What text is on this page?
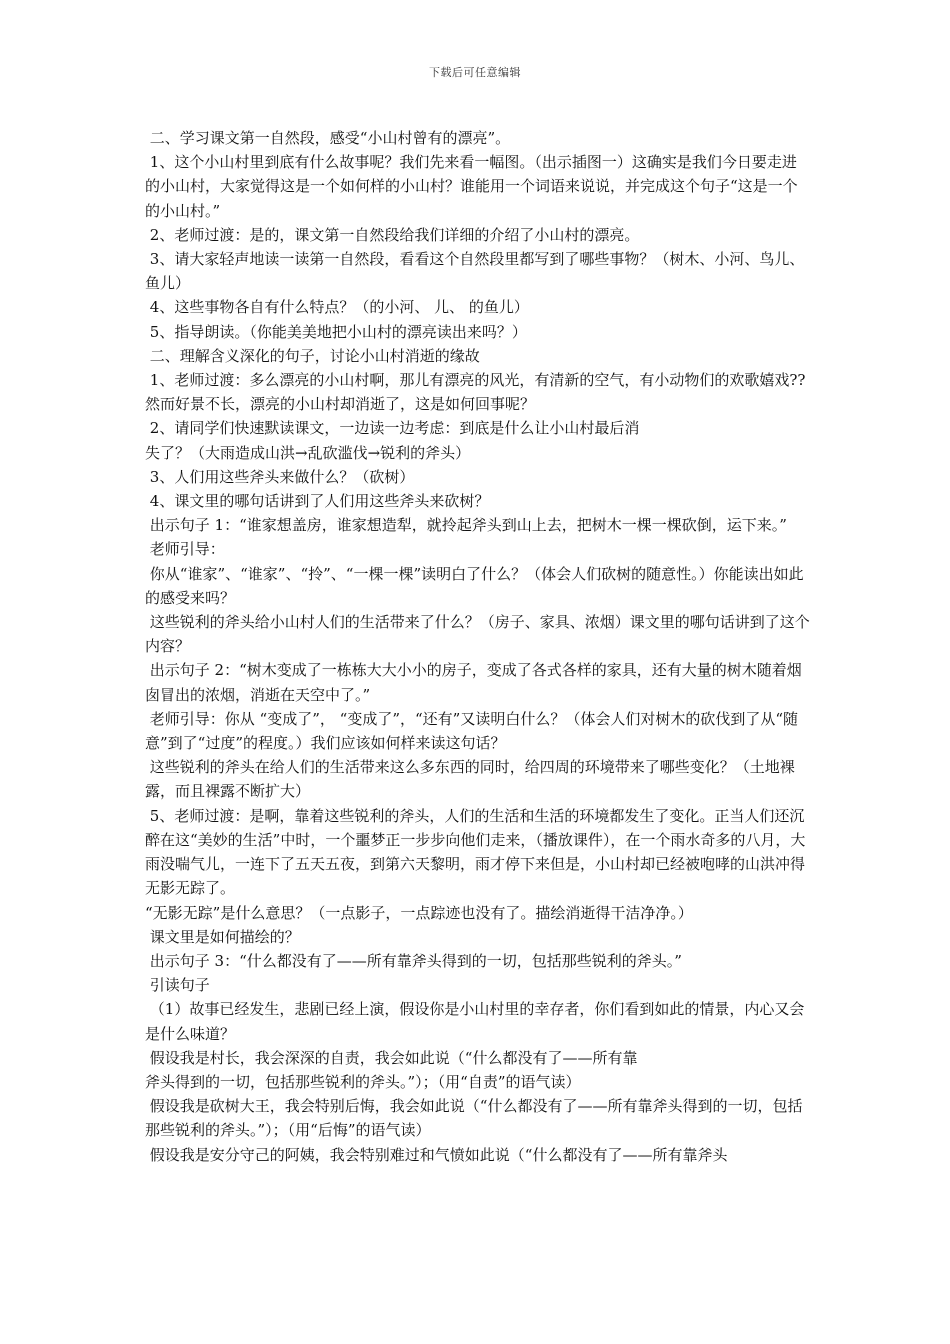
下载后可任意编辑

二、学习课文第一自然段，感受“小山村曾有的漂亮”。

1、这个小山村里到底有什么故事呢？我们先来看一幅图。（出示插图一）这确实是我们今日要走进的小山村，大家觉得这是一个如何样的小山村？谁能用一个词语来说说，并完成这个句子“这是一个 的小山村。”

2、老师过渡：是的，课文第一自然段给我们详细的介绍了小山村的漂亮。

3、请大家轻声地读一读第一自然段，看看这个自然段里都写到了哪些事物？（树木、小河、鸟儿、鱼儿）

4、这些事物各自有什么特点？（的小河、 儿、 的鱼儿）

5、指导朗读。（你能美美地把小山村的漂亮读出来吗？）

二、理解含义深化的句子，讨论小山村消逝的缘故

1、老师过渡：多么漂亮的小山村啊，那儿有漂亮的风光，有清新的空气，有小动物们的欢歌嬉戏??然而好景不长，漂亮的小山村却消逝了，这是如何回事呢？

2、请同学们快速默读课文，一边读一边考虑：到底是什么让小山村最后消

失了？（大雨造成山洪→乱砍滥伐→锐利的斧头）

3、人们用这些斧头来做什么？（砍树）

4、课文里的哪句话讲到了人们用这些斧头来砍树？

出示句子 1：“谁家想盖房，谁家想造犁，就拎起斧头到山上去，把树木一棵一棵砍倒，运下来。”

老师引导：

你从“谁家”、“谁家”、“拎”、“一棵一棵”读明白了什么？（体会人们砍树的随意性。）你能读出如此的感受来吗？

这些锐利的斧头给小山村人们的生活带来了什么？（房子、家具、浓烟）课文里的哪句话讲到了这个内容？

出示句子 2：“树木变成了一栋栋大大小小的房子，变成了各式各样的家具，还有大量的树木随着烟囱冒出的浓烟，消逝在天空中了。”

老师引导：你从 “变成了”， “变成了”，“还有”又读明白什么？（体会人们对树木的砍伐到了从“随意”到了“过度”的程度。）我们应该如何样来读这句话？

这些锐利的斧头在给人们的生活带来这么多东西的同时，给四周的环境带来了哪些变化？（土地裸露，而且裸露不断扩大）

5、老师过渡：是啊，靠着这些锐利的斧头，人们的生活和生活的环境都发生了变化。正当人们还沉醉在这“美妙的生活”中时，一个噩梦正一步步向他们走来，（播放课件），在一个雨水奇多的八月，大雨没喘气儿，一连下了五天五夜，到第六天黎明，雨才停下来但是，小山村却已经被咆哮的山洪冲得无影无踪了。

“无影无踪”是什么意思？（一点影子，一点踪迹也没有了。描绘消逝得干洁净净。）

课文里是如何描绘的？

出示句子 3：“什么都没有了——所有靠斧头得到的一切，包括那些锐利的斧头。”

引读句子

（1）故事已经发生，悲剧已经上演，假设你是小山村里的幸存者，你们看到如此的情景，内心又会是什么味道？

假设我是村长，我会深深的自责，我会如此说（“什么都没有了——所有靠

斧头得到的一切，包括那些锐利的斧头。”）；（用“自责”的语气读）

假设我是砍树大王，我会特别后悔，我会如此说（“什么都没有了——所有靠斧头得到的一切，包括那些锐利的斧头。”）；（用“后悔”的语气读）

假设我是安分守己的阿姨，我会特别难过和气愤如此说（“什么都没有了——所有靠斧头
